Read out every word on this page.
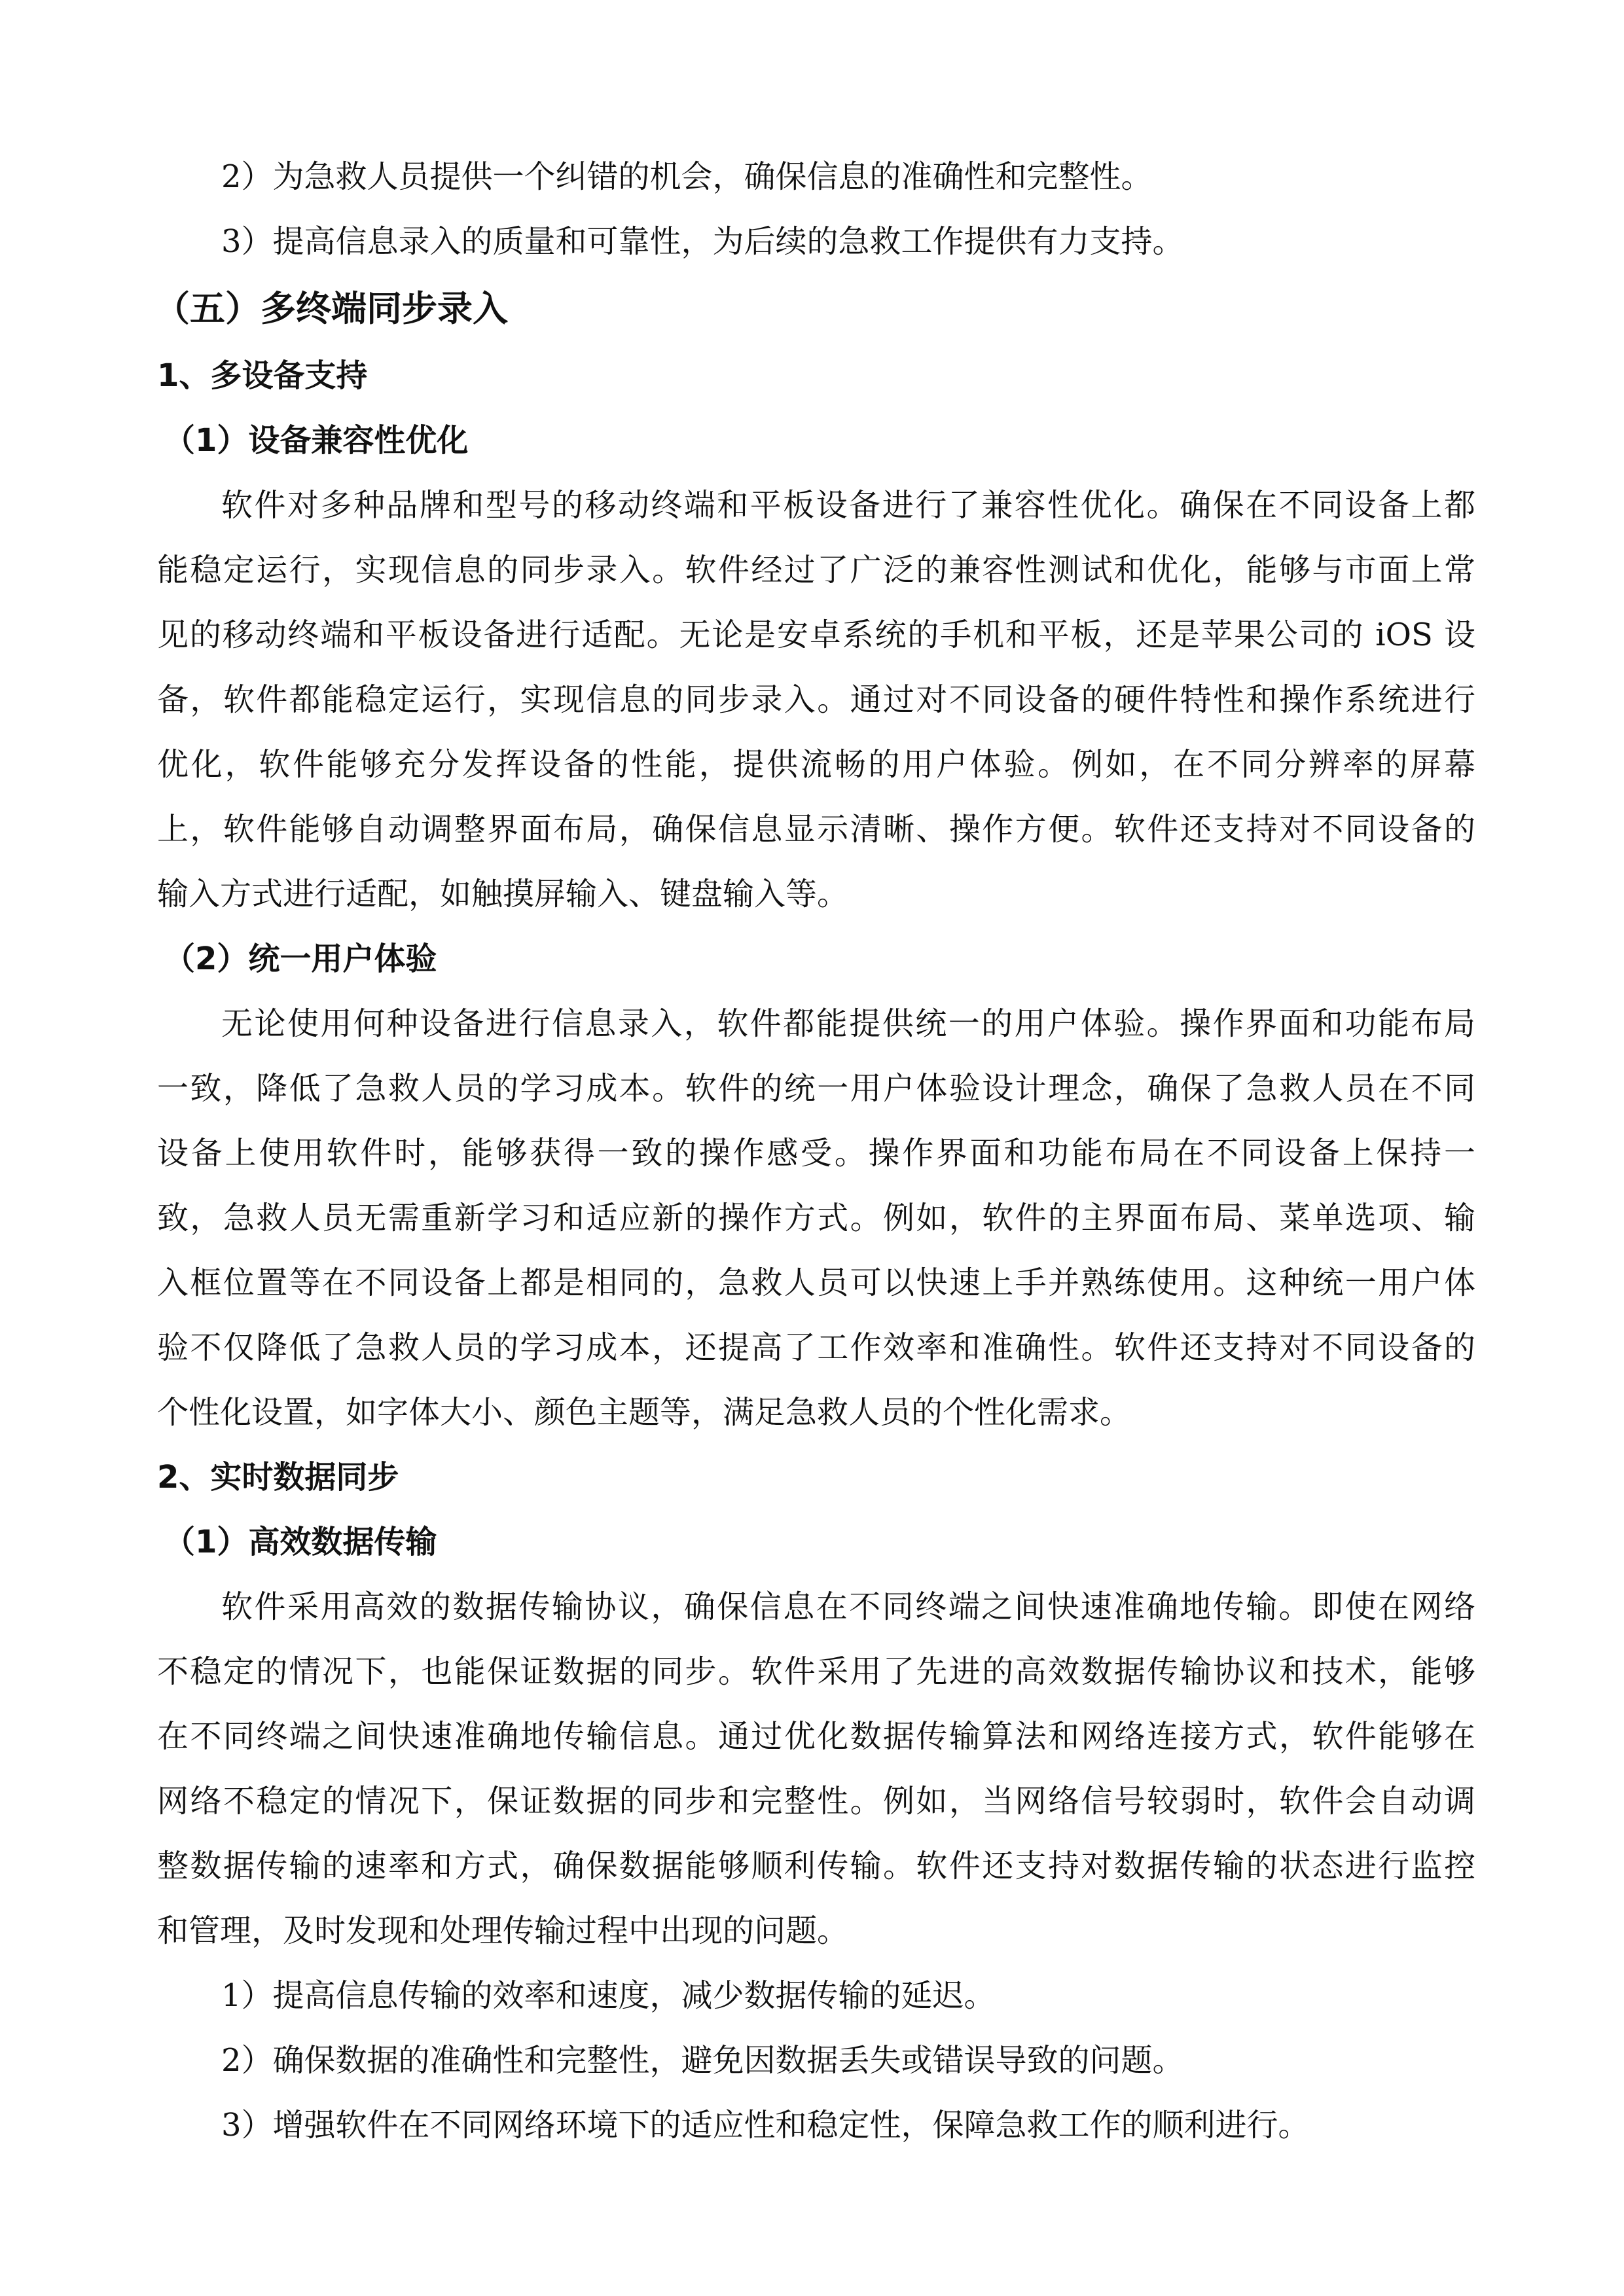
2）为急救人员提供一个纠错的机会，确保信息的准确性和完整性。
3）提高信息录入的质量和可靠性，为后续的急救工作提供有力支持。
（五）多终端同步录入
1、多设备支持
（1）设备兼容性优化
软件对多种品牌和型号的移动终端和平板设备进行了兼容性优化。确保在不同设备上都
能稳定运行，实现信息的同步录入。软件经过了广泛的兼容性测试和优化，能够与市面上常
见的移动终端和平板设备进行适配。无论是安卓系统的手机和平板，还是苹果公司的 iOS 设
备，软件都能稳定运行，实现信息的同步录入。通过对不同设备的硬件特性和操作系统进行
优化，软件能够充分发挥设备的性能，提供流畅的用户体验。例如，在不同分辨率的屏幕
上，软件能够自动调整界面布局，确保信息显示清晰、操作方便。软件还支持对不同设备的
输入方式进行适配，如触摸屏输入、键盘输入等。
（2）统一用户体验
无论使用何种设备进行信息录入，软件都能提供统一的用户体验。操作界面和功能布局
一致，降低了急救人员的学习成本。软件的统一用户体验设计理念，确保了急救人员在不同
设备上使用软件时，能够获得一致的操作感受。操作界面和功能布局在不同设备上保持一
致，急救人员无需重新学习和适应新的操作方式。例如，软件的主界面布局、菜单选项、输
入框位置等在不同设备上都是相同的，急救人员可以快速上手并熟练使用。这种统一用户体
验不仅降低了急救人员的学习成本，还提高了工作效率和准确性。软件还支持对不同设备的
个性化设置，如字体大小、颜色主题等，满足急救人员的个性化需求。
2、实时数据同步
（1）高效数据传输
软件采用高效的数据传输协议，确保信息在不同终端之间快速准确地传输。即使在网络
不稳定的情况下，也能保证数据的同步。软件采用了先进的高效数据传输协议和技术，能够
在不同终端之间快速准确地传输信息。通过优化数据传输算法和网络连接方式，软件能够在
网络不稳定的情况下，保证数据的同步和完整性。例如，当网络信号较弱时，软件会自动调
整数据传输的速率和方式，确保数据能够顺利传输。软件还支持对数据传输的状态进行监控
和管理，及时发现和处理传输过程中出现的问题。
1）提高信息传输的效率和速度，减少数据传输的延迟。
2）确保数据的准确性和完整性，避免因数据丢失或错误导致的问题。
3）增强软件在不同网络环境下的适应性和稳定性，保障急救工作的顺利进行。
